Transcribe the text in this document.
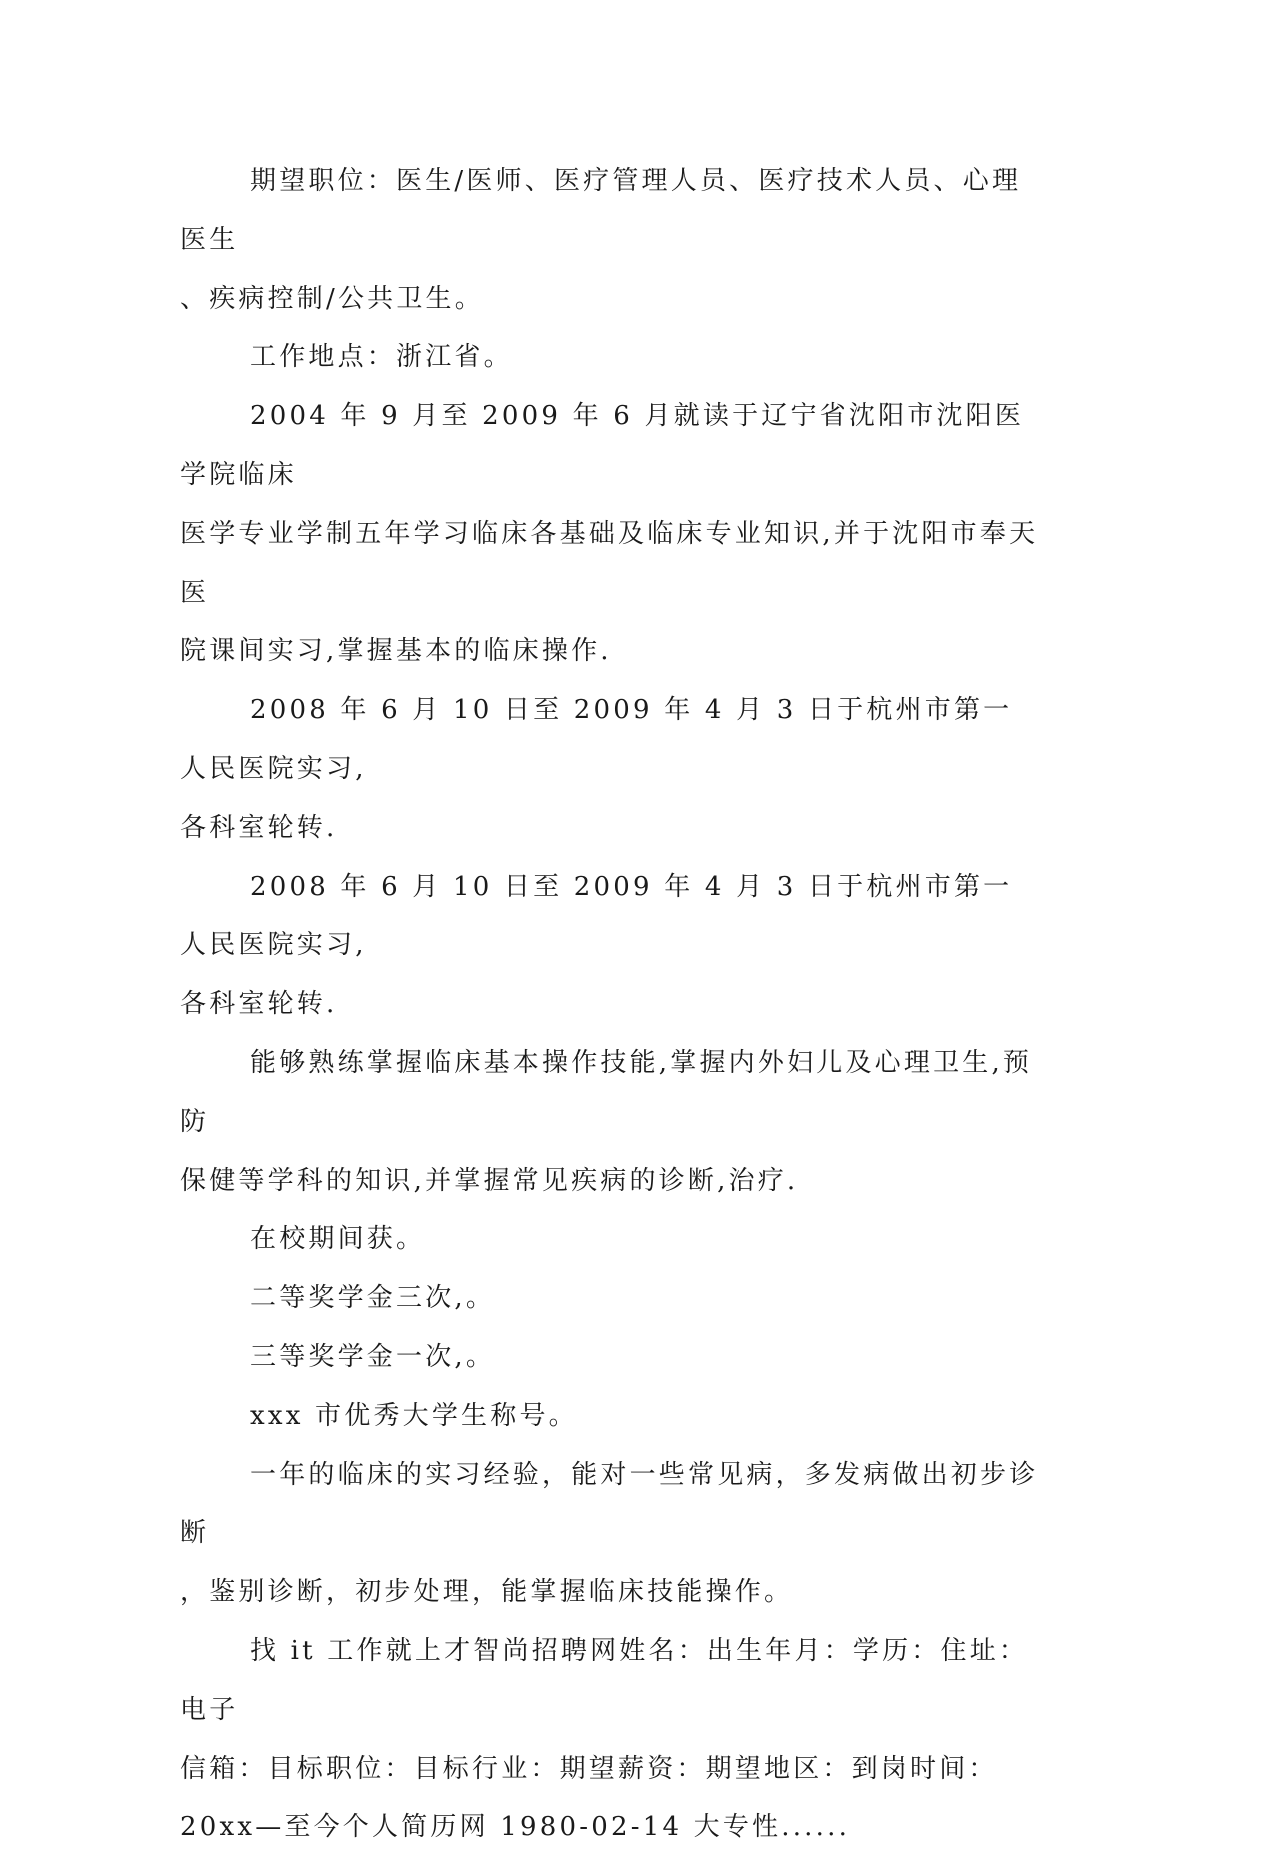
期望职位：医生/医师、医疗管理人员、医疗技术人员、心理医生
、疾病控制/公共卫生。

工作地点：浙江省。

2004 年 9 月至 2009 年 6 月就读于辽宁省沈阳市沈阳医学院临床
医学专业学制五年学习临床各基础及临床专业知识,并于沈阳市奉天医
院课间实习,掌握基本的临床操作.

2008 年 6 月 10 日至 2009 年 4 月 3 日于杭州市第一人民医院实习,
各科室轮转.

2008 年 6 月 10 日至 2009 年 4 月 3 日于杭州市第一人民医院实习,
各科室轮转.

能够熟练掌握临床基本操作技能,掌握内外妇儿及心理卫生,预防
保健等学科的知识,并掌握常见疾病的诊断,治疗.

在校期间获。

二等奖学金三次,。

三等奖学金一次,。

xxx 市优秀大学生称号。

一年的临床的实习经验，能对一些常见病，多发病做出初步诊断
，鉴别诊断，初步处理，能掌握临床技能操作。

找 it 工作就上才智尚招聘网姓名：出生年月：学历：住址：电子
信箱：目标职位：目标行业：期望薪资：期望地区：到岗时间：
20xx—至今个人简历网 1980-02-14 大专性......
